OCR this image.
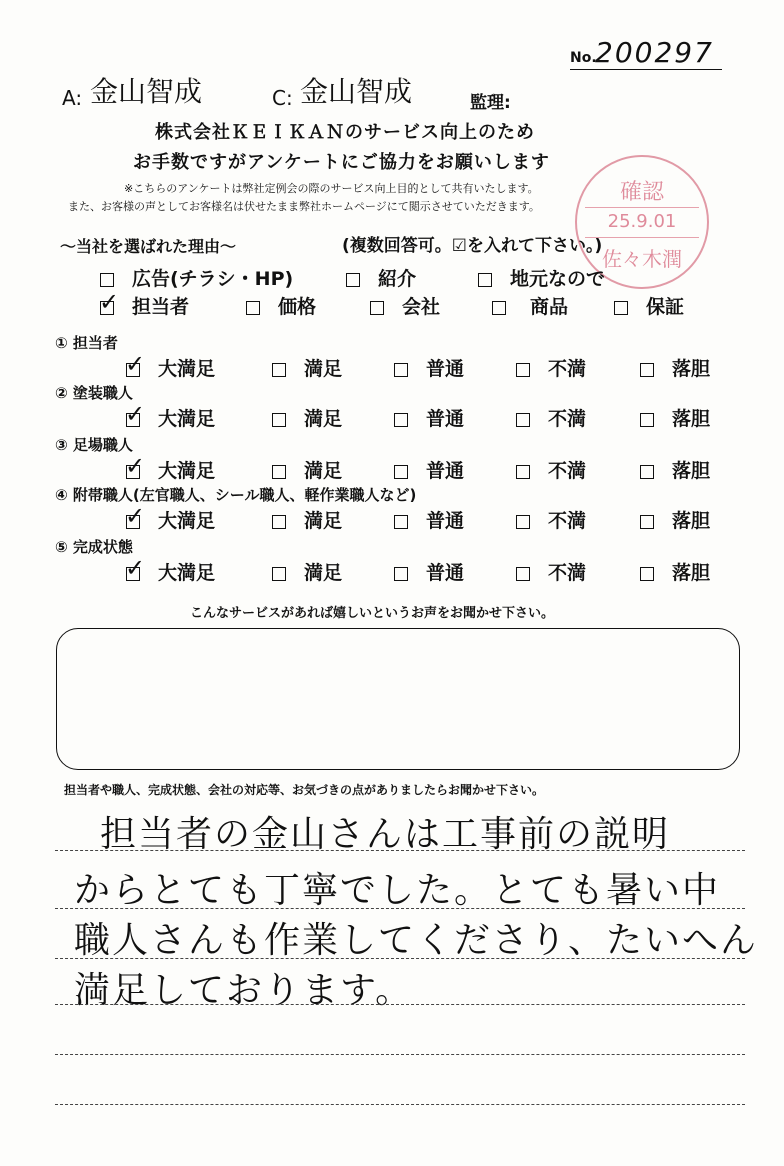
No.
200297
A: 金山智成	C: 金山智成	監理:
株式会社ＫＥＩＫＡＮのサービス向上のため
お手数ですがアンケートにご協力をお願いします
※こちらのアンケートは弊社定例会の際のサービス向上目的として共有いたします。
また、お客様の声としてお客様名は伏せたまま弊社ホームページにて閲示させていただきます。
確認
25.9.01
佐々木潤
〜当社を選ばれた理由〜	(複数回答可。☑を入れて下さい。)
広告(チラシ・HP)	紹介	地元なので
✓ 担当者	価格	会社	商品	保証
① 担当者
✓ 大満足	満足	普通	不満	落胆
② 塗装職人
✓ 大満足	満足	普通	不満	落胆
③ 足場職人
✓ 大満足	満足	普通	不満	落胆
④ 附帯職人(左官職人、シール職人、軽作業職人など)
✓ 大満足	満足	普通	不満	落胆
⑤ 完成状態
✓ 大満足	満足	普通	不満	落胆
こんなサービスがあれば嬉しいというお声をお聞かせ下さい。
担当者や職人、完成状態、会社の対応等、お気づきの点がありましたらお聞かせ下さい。
担当者の金山さんは工事前の説明
からとても丁寧でした。とても暑い中
職人さんも作業してくださり、たいへん
満足しております。
